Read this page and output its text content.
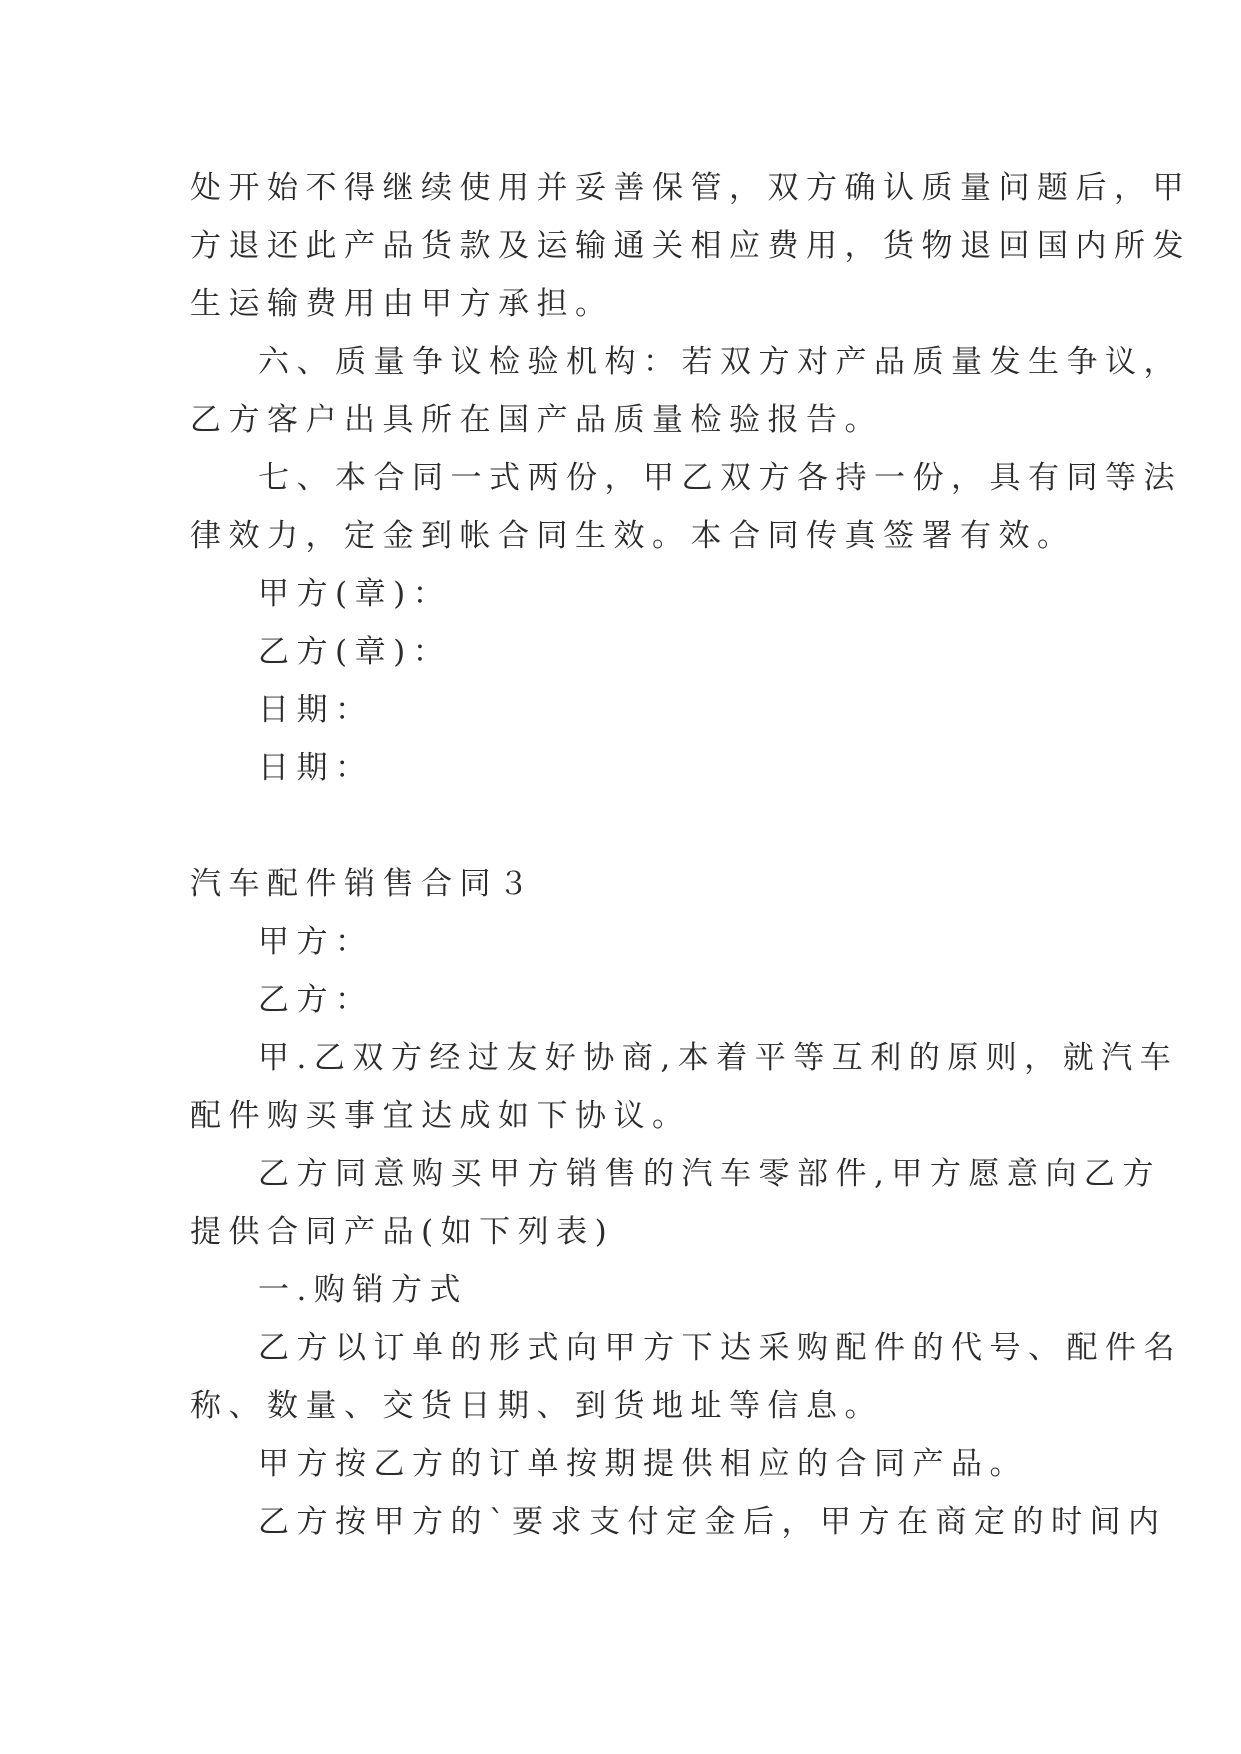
处开始不得继续使用并妥善保管，双方确认质量问题后，甲
方退还此产品货款及运输通关相应费用，货物退回国内所发
生运输费用由甲方承担。
六、质量争议检验机构：若双方对产品质量发生争议，
乙方客户出具所在国产品质量检验报告。
七、本合同一式两份，甲乙双方各持一份，具有同等法
律效力，定金到帐合同生效。本合同传真签署有效。
甲方(章)：
乙方(章)：
日期：
日期：
汽车配件销售合同３
甲方：
乙方：
甲.乙双方经过友好协商,本着平等互利的原则，就汽车
配件购买事宜达成如下协议。
乙方同意购买甲方销售的汽车零部件,甲方愿意向乙方
提供合同产品(如下列表)
一.购销方式
乙方以订单的形式向甲方下达采购配件的代号、配件名
称、数量、交货日期、到货地址等信息。
甲方按乙方的订单按期提供相应的合同产品。
乙方按甲方的`要求支付定金后，甲方在商定的时间内
